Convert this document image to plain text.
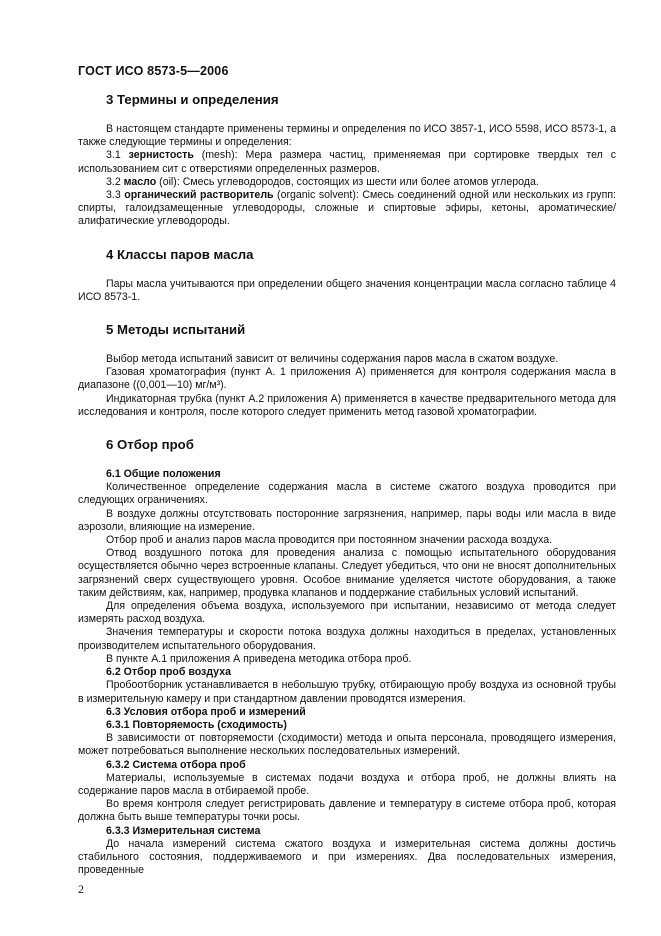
ГОСТ ИСО 8573-5—2006
3 Термины и определения

В настоящем стандарте применены термины и определения по ИСО 3857-1, ИСО 5598, ИСО 8573-1, а также следующие термины и определения:

3.1 зернистость (mesh): Мера размера частиц, применяемая при сортировке твердых тел с использованием сит с отверстиями определенных размеров.

3.2 масло (oil): Смесь углеводородов, состоящих из шести или более атомов углерода.

3.3 органический растворитель (organic solvent): Смесь соединений одной или нескольких из групп: спирты, галоидзамещенные углеводороды, сложные и спиртовые эфиры, кетоны, ароматические/алифатические углеводороды.

4 Классы паров масла

Пары масла учитываются при определении общего значения концентрации масла согласно таблице 4 ИСО 8573-1.

5 Методы испытаний

Выбор метода испытаний зависит от величины содержания паров масла в сжатом воздухе.

Газовая хроматография (пункт А. 1 приложения А) применяется для контроля содержания масла в диапазоне ((0,001—10) мг/м³).

Индикаторная трубка (пункт А.2 приложения А) применяется в качестве предварительного метода для исследования и контроля, после которого следует применить метод газовой хроматографии.

6 Отбор проб

6.1 Общие положения

Количественное определение содержания масла в системе сжатого воздуха проводится при следующих ограничениях.

В воздухе должны отсутствовать посторонние загрязнения, например, пары воды или масла в виде аэрозоли, влияющие на измерение.

Отбор проб и анализ паров масла проводится при постоянном значении расхода воздуха.

Отвод воздушного потока для проведения анализа с помощью испытательного оборудования осуществляется обычно через встроенные клапаны. Следует убедиться, что они не вносят дополнительных загрязнений сверх существующего уровня. Особое внимание уделяется чистоте оборудования, а также таким действиям, как, например, продувка клапанов и поддержание стабильных условий испытаний.

Для определения объема воздуха, используемого при испытании, независимо от метода следует измерять расход воздуха.

Значения температуры и скорости потока воздуха должны находиться в пределах, установленных производителем испытательного оборудования.

В пункте А.1 приложения А приведена методика отбора проб.

6.2 Отбор проб воздуха

Пробоотборник устанавливается в небольшую трубку, отбирающую пробу воздуха из основной трубы в измерительную камеру и при стандартном давлении проводятся измерения.

6.3 Условия отбора проб и измерений

6.3.1 Повторяемость (сходимость)

В зависимости от повторяемости (сходимости) метода и опыта персонала, проводящего измерения, может потребоваться выполнение нескольких последовательных измерений.

6.3.2 Система отбора проб

Материалы, используемые в системах подачи воздуха и отбора проб, не должны влиять на содержание паров масла в отбираемой пробе.

Во время контроля следует регистрировать давление и температуру в системе отбора проб, которая должна быть выше температуры точки росы.

6.3.3 Измерительная система

До начала измерений система сжатого воздуха и измерительная система должны достичь стабильного состояния, поддерживаемого и при измерениях. Два последовательных измерения, проведенные

2
